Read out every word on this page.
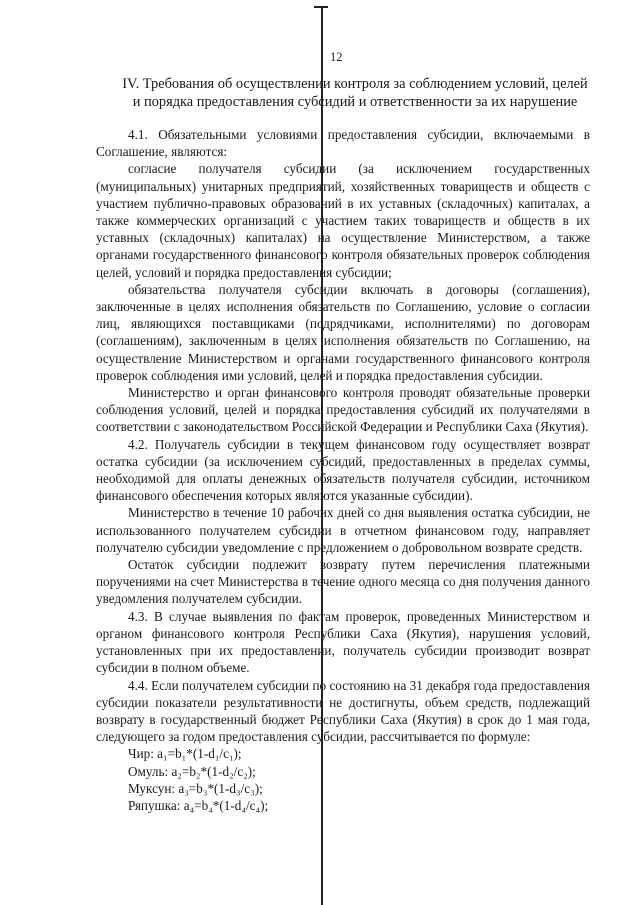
12
IV. Требования об осуществлении контроля за соблюдением условий, целей и порядка предоставления субсидий и ответственности за их нарушение

4.1. Обязательными условиями предоставления субсидии, включаемыми в Соглашение, являются:

согласие получателя субсидии (за исключением государственных (муниципальных) унитарных предприятий, хозяйственных товариществ и обществ с участием публично-правовых образований в их уставных (складочных) капиталах, а также коммерческих организаций с участием таких товариществ и обществ в их уставных (складочных) капиталах) на осуществление Министерством, а также органами государственного финансового контроля обязательных проверок соблюдения целей, условий и порядка предоставления субсидии;

обязательства получателя субсидии включать в договоры (соглашения), заключенные в целях исполнения обязательств по Соглашению, условие о согласии лиц, являющихся поставщиками (подрядчиками, исполнителями) по договорам (соглашениям), заключенным в целях исполнения обязательств по Соглашению, на осуществление Министерством и органами государственного финансового контроля проверок соблюдения ими условий, целей и порядка предоставления субсидии.

Министерство и орган финансового контроля проводят обязательные проверки соблюдения условий, целей и порядка предоставления субсидий их получателями в соответствии с законодательством Российской Федерации и Республики Саха (Якутия).

4.2. Получатель субсидии в текущем финансовом году осуществляет возврат остатка субсидии (за исключением субсидий, предоставленных в пределах суммы, необходимой для оплаты денежных обязательств получателя субсидии, источником финансового обеспечения которых являются указанные субсидии).

Министерство в течение 10 рабочих дней со дня выявления остатка субсидии, не использованного получателем субсидии в отчетном финансовом году, направляет получателю субсидии уведомление с предложением о добровольном возврате средств.

Остаток субсидии подлежит возврату путем перечисления платежными поручениями на счет Министерства в течение одного месяца со дня получения данного уведомления получателем субсидии.

4.3. В случае выявления по фактам проверок, проведенных Министерством и органом финансового контроля Республики Саха (Якутия), нарушения условий, установленных при их предоставлении, получатель субсидии производит возврат субсидии в полном объеме.

4.4. Если получателем субсидии по состоянию на 31 декабря года предоставления субсидии показатели результативности не достигнуты, объем средств, подлежащий возврату в государственный бюджет Республики Саха (Якутия) в срок до 1 мая года, следующего за годом предоставления субсидии, рассчитывается по формуле:

Чир: a₁=b₁*(1-d₁/c₁);
Омуль: a₂=b₂*(1-d₂/c₂);
Муксун: a₃=b₃*(1-d₃/c₃);
Ряпушка: a₄=b₄*(1-d₄/c₄);
